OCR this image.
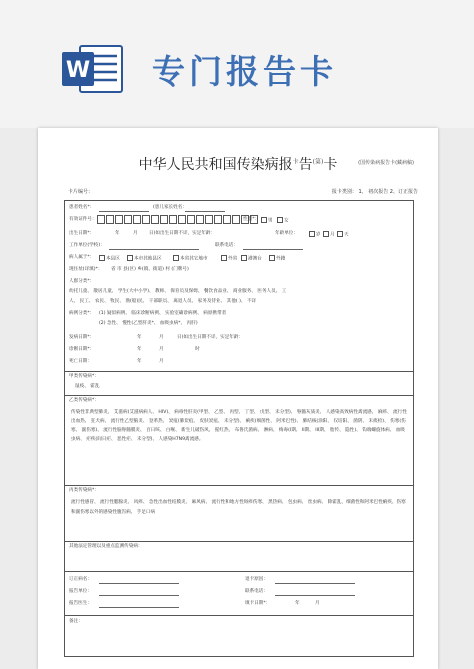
W 专门报告卡
中华人民共和国传染病报$^卡$告$^{(第)}$卡	(国传染病报告卡(藏病稿)
卡片编号：	报卡类别： 1、 初次报告 2、订正报告
患者姓名*：	(患儿家长姓名：
有效证件号：	性别*：	男	女
出生日期*：	年	月 日(如出生日期不详，实足年龄：	年龄单位：	岁	月	天
工作单位(学校)：	联系电话：
病人属于*：	本县区	本市其他县区	本省其它地市	外省	港澳台	外籍
现住址(详填)*： 省 市 县(区) 乡(镇、街道) 村 (门牌号)
人群分类*：
幼托儿童、 散居儿童、 学生(大中小学)、 教师、 保育员及保姆、 餐饮食品业、 商业服务、 医务人员、 工
人、 民工、 农民、 牧民、 渔(船)民、 干部职员、 离退人员、 家务及待业、 其他( )、 不详
病例分类*： (1) 疑似病例、 临床诊断病例、 实验室确诊病例、 病原携带者
(2) 急性、 慢性(乙型肝炎*、 血吸虫病*、 丙肝)
发病日期*：	年	月	日(如出生日期不详，实足年龄：
诊断日期*：	年	月	时
死亡日期：	年	月
甲类传染病*：
鼠疫、 霍乱
乙类传染病*：
传染性非典型肺炎、 艾滋病(艾滋病病人、 HIV)、 病毒性肝炎(甲型、 乙型、 丙型、 丁型、 戊型、 未分型)、 脊髓灰质炎、 人感染高致病性禽流感、 麻疹、 流行性出血热、 狂犬病、 流行性乙型脑炎、 登革热、 炭疽(肺炭疽、 皮肤炭疽、 未分型)、 痢疾(细菌性、 阿米巴性)、 肺结核(涂阳、 仅培阳、 菌阴、 未痰检)、 伤寒(伤寒、 副伤寒)、 流行性脑脊髓膜炎、 百日咳、 白喉、 新生儿破伤风、 猩红热、 布鲁氏菌病、 淋病、 梅毒(I期、 II期、 III期、 胎传、 隐性)、 钩端螺旋体病、 血吸虫病、 疟疾(间日疟、 恶性疟、 未分型)、 人感染H7N9禽流感。
丙类传染病*：
流行性感冒、 流行性腮腺炎、 风疹、 急性出血性结膜炎、 麻风病、 流行性和地方性斑疹伤寒、 黑热病、 包虫病、 丝虫病、 除霍乱、细菌性和阿米巴性痢疾、伤寒和副伤寒以外的感染性腹泻病、 手足口病
其他法定管理以及重点监测传染病：
订正病名：	退卡原因：
报告单位：	联系电话：
报告医生：	填卡日期*：	年	月
备注：
